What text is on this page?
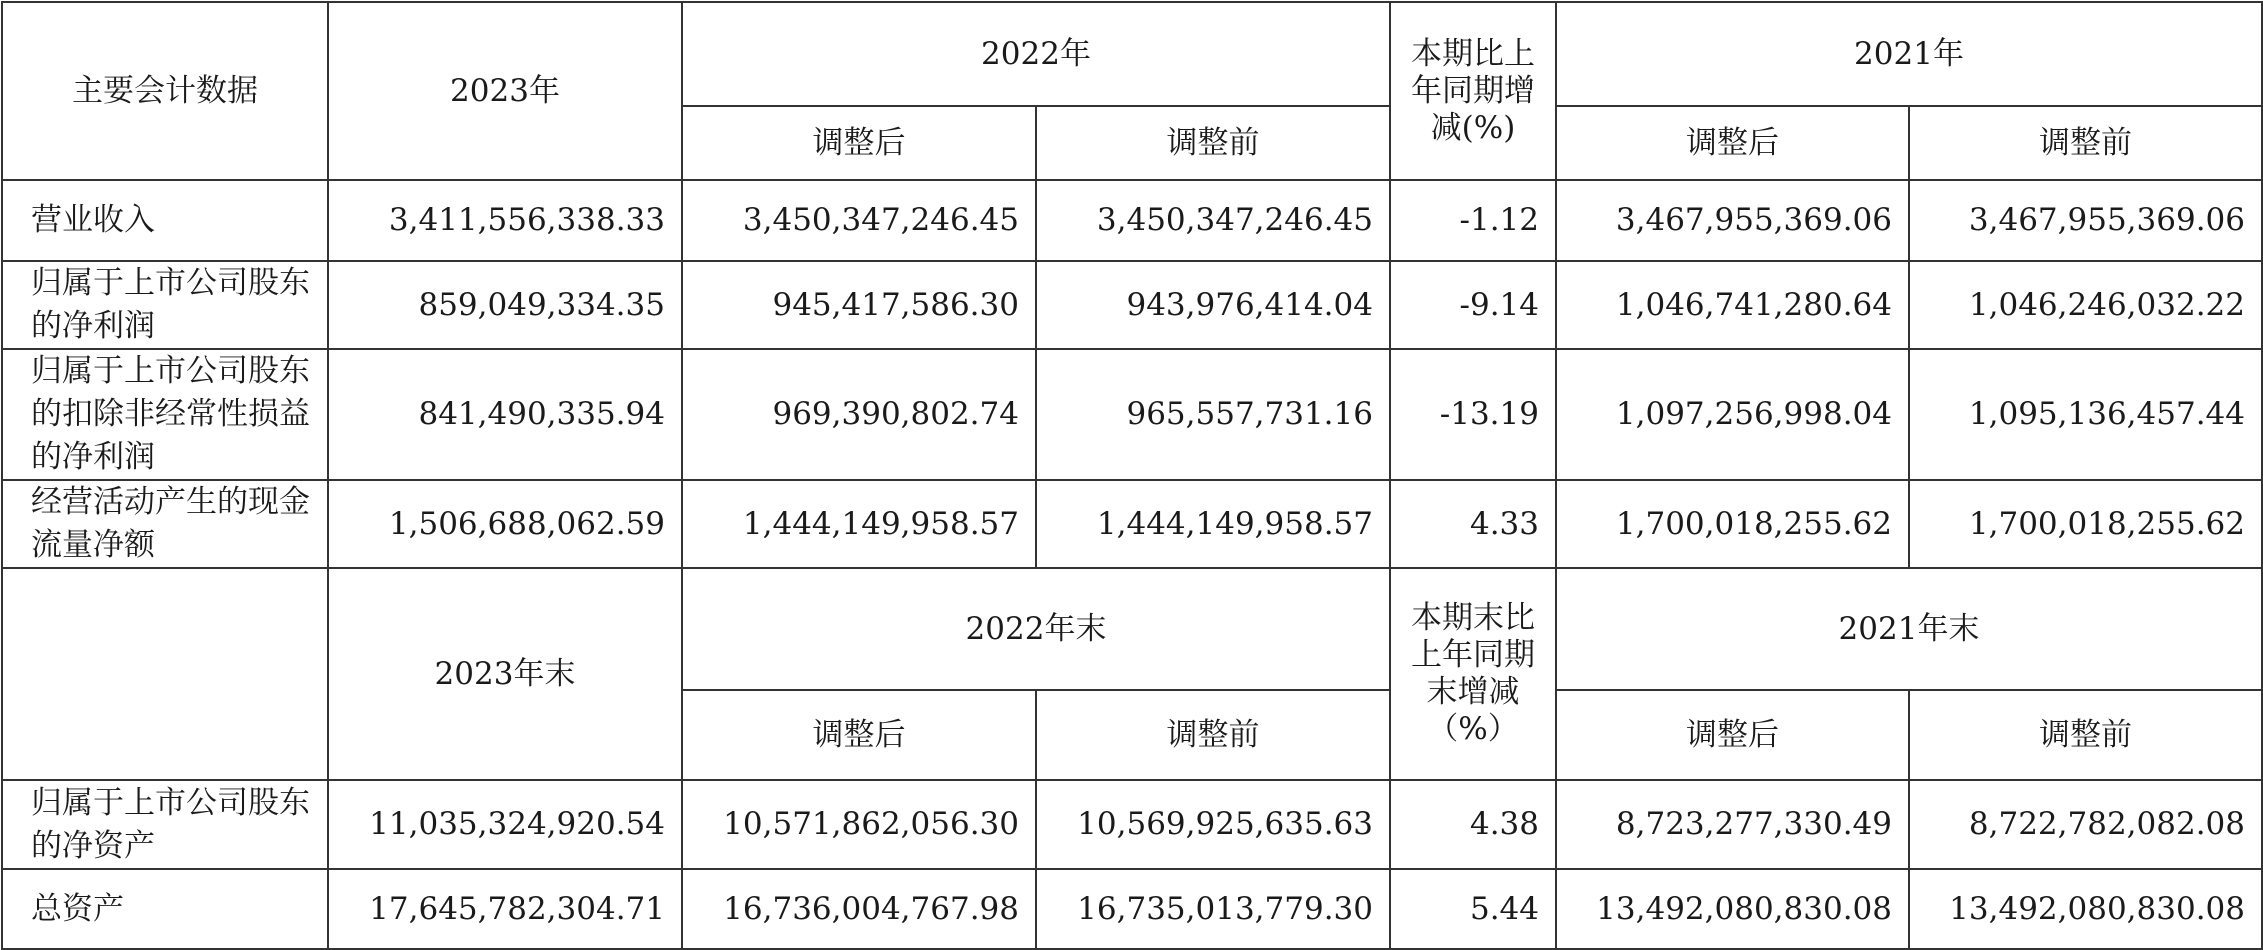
主要会计数据	2023年	2022年		本期比上年同期增减(%)	2021年	
		调整后	调整前		调整后	调整前
营业收入	3,411,556,338.33	3,450,347,246.45	3,450,347,246.45	-1.12	3,467,955,369.06	3,467,955,369.06
归属于上市公司股东的净利润	859,049,334.35	945,417,586.30	943,976,414.04	-9.14	1,046,741,280.64	1,046,246,032.22
归属于上市公司股东的扣除非经常性损益的净利润	841,490,335.94	969,390,802.74	965,557,731.16	-13.19	1,097,256,998.04	1,095,136,457.44
经营活动产生的现金流量净额	1,506,688,062.59	1,444,149,958.57	1,444,149,958.57	4.33	1,700,018,255.62	1,700,018,255.62
	2023年末	2022年末		本期末比上年同期末增减（%）	2021年末	
		调整后	调整前		调整后	调整前
归属于上市公司股东的净资产	11,035,324,920.54	10,571,862,056.30	10,569,925,635.63	4.38	8,723,277,330.49	8,722,782,082.08
总资产	17,645,782,304.71	16,736,004,767.98	16,735,013,779.30	5.44	13,492,080,830.08	13,492,080,830.08
